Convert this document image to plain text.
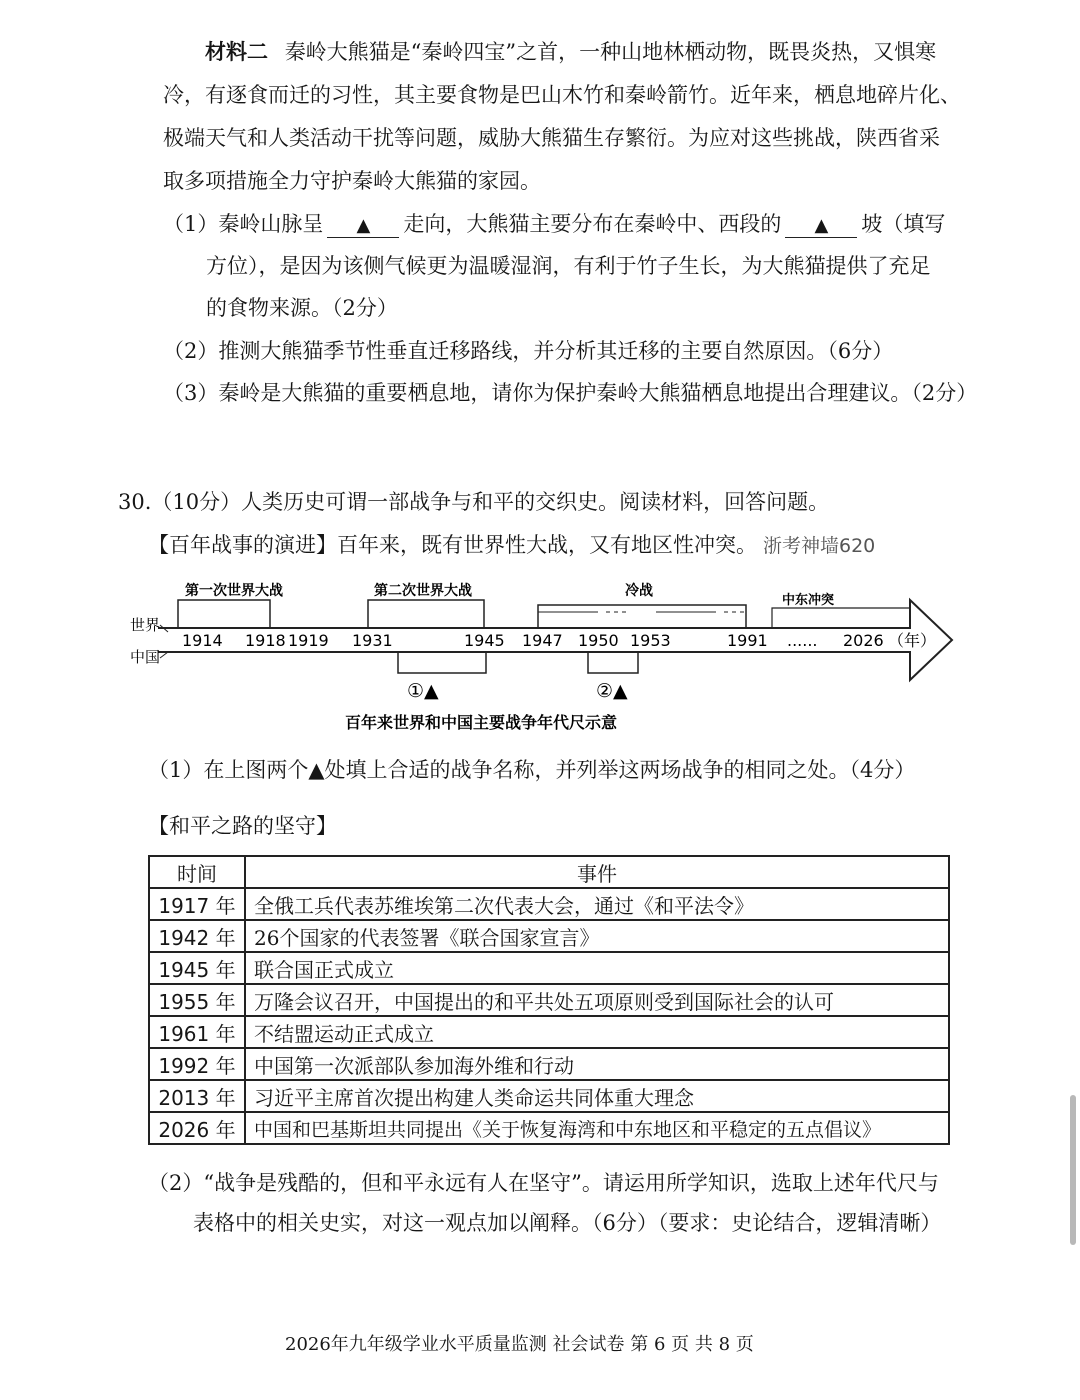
材料二 秦岭大熊猫是“秦岭四宝”之首，一种山地林栖动物，既畏炎热，又惧寒
冷，有逐食而迁的习性，其主要食物是巴山木竹和秦岭箭竹。近年来，栖息地碎片化、
极端天气和人类活动干扰等问题，威胁大熊猫生存繁衍。为应对这些挑战，陕西省采
取多项措施全力守护秦岭大熊猫的家园。
（1）秦岭山脉呈 ▲ 走向，大熊猫主要分布在秦岭中、西段的 ▲ 坡（填写
方位），是因为该侧气候更为温暖湿润，有利于竹子生长，为大熊猫提供了充足
的食物来源。（2分）
（2）推测大熊猫季节性垂直迁移路线，并分析其迁移的主要自然原因。（6分）
（3）秦岭是大熊猫的重要栖息地，请你为保护秦岭大熊猫栖息地提出合理建议。（2分）
30.（10分）人类历史可谓一部战争与和平的交织史。阅读材料，回答问题。
【百年战事的演进】百年来，既有世界性大战，又有地区性冲突。 浙考神墙620
世界
中国
第一次世界大战	第二次世界大战	冷战
中东冲突
1914 1918 1919 1931	1945 1947 1950 1953	1991 ...... 2026 （年）
①▲	②▲
百年来世界和中国主要战争年代尺示意
（1）在上图两个▲处填上合适的战争名称，并列举这两场战争的相同之处。（4分）
【和平之路的坚守】
时间	事件
1917 年	全俄工兵代表苏维埃第二次代表大会，通过《和平法令》
1942 年	26个国家的代表签署《联合国家宣言》
1945 年	联合国正式成立
1955 年	万隆会议召开，中国提出的和平共处五项原则受到国际社会的认可
1961 年	不结盟运动正式成立
1992 年	中国第一次派部队参加海外维和行动
2013 年	习近平主席首次提出构建人类命运共同体重大理念
2026 年	中国和巴基斯坦共同提出《关于恢复海湾和中东地区和平稳定的五点倡议》
（2）“战争是残酷的，但和平永远有人在坚守”。请运用所学知识，选取上述年代尺与
表格中的相关史实，对这一观点加以阐释。（6分）（要求：史论结合，逻辑清晰）
2026年九年级学业水平质量监测 社会试卷 第 6 页 共 8 页
